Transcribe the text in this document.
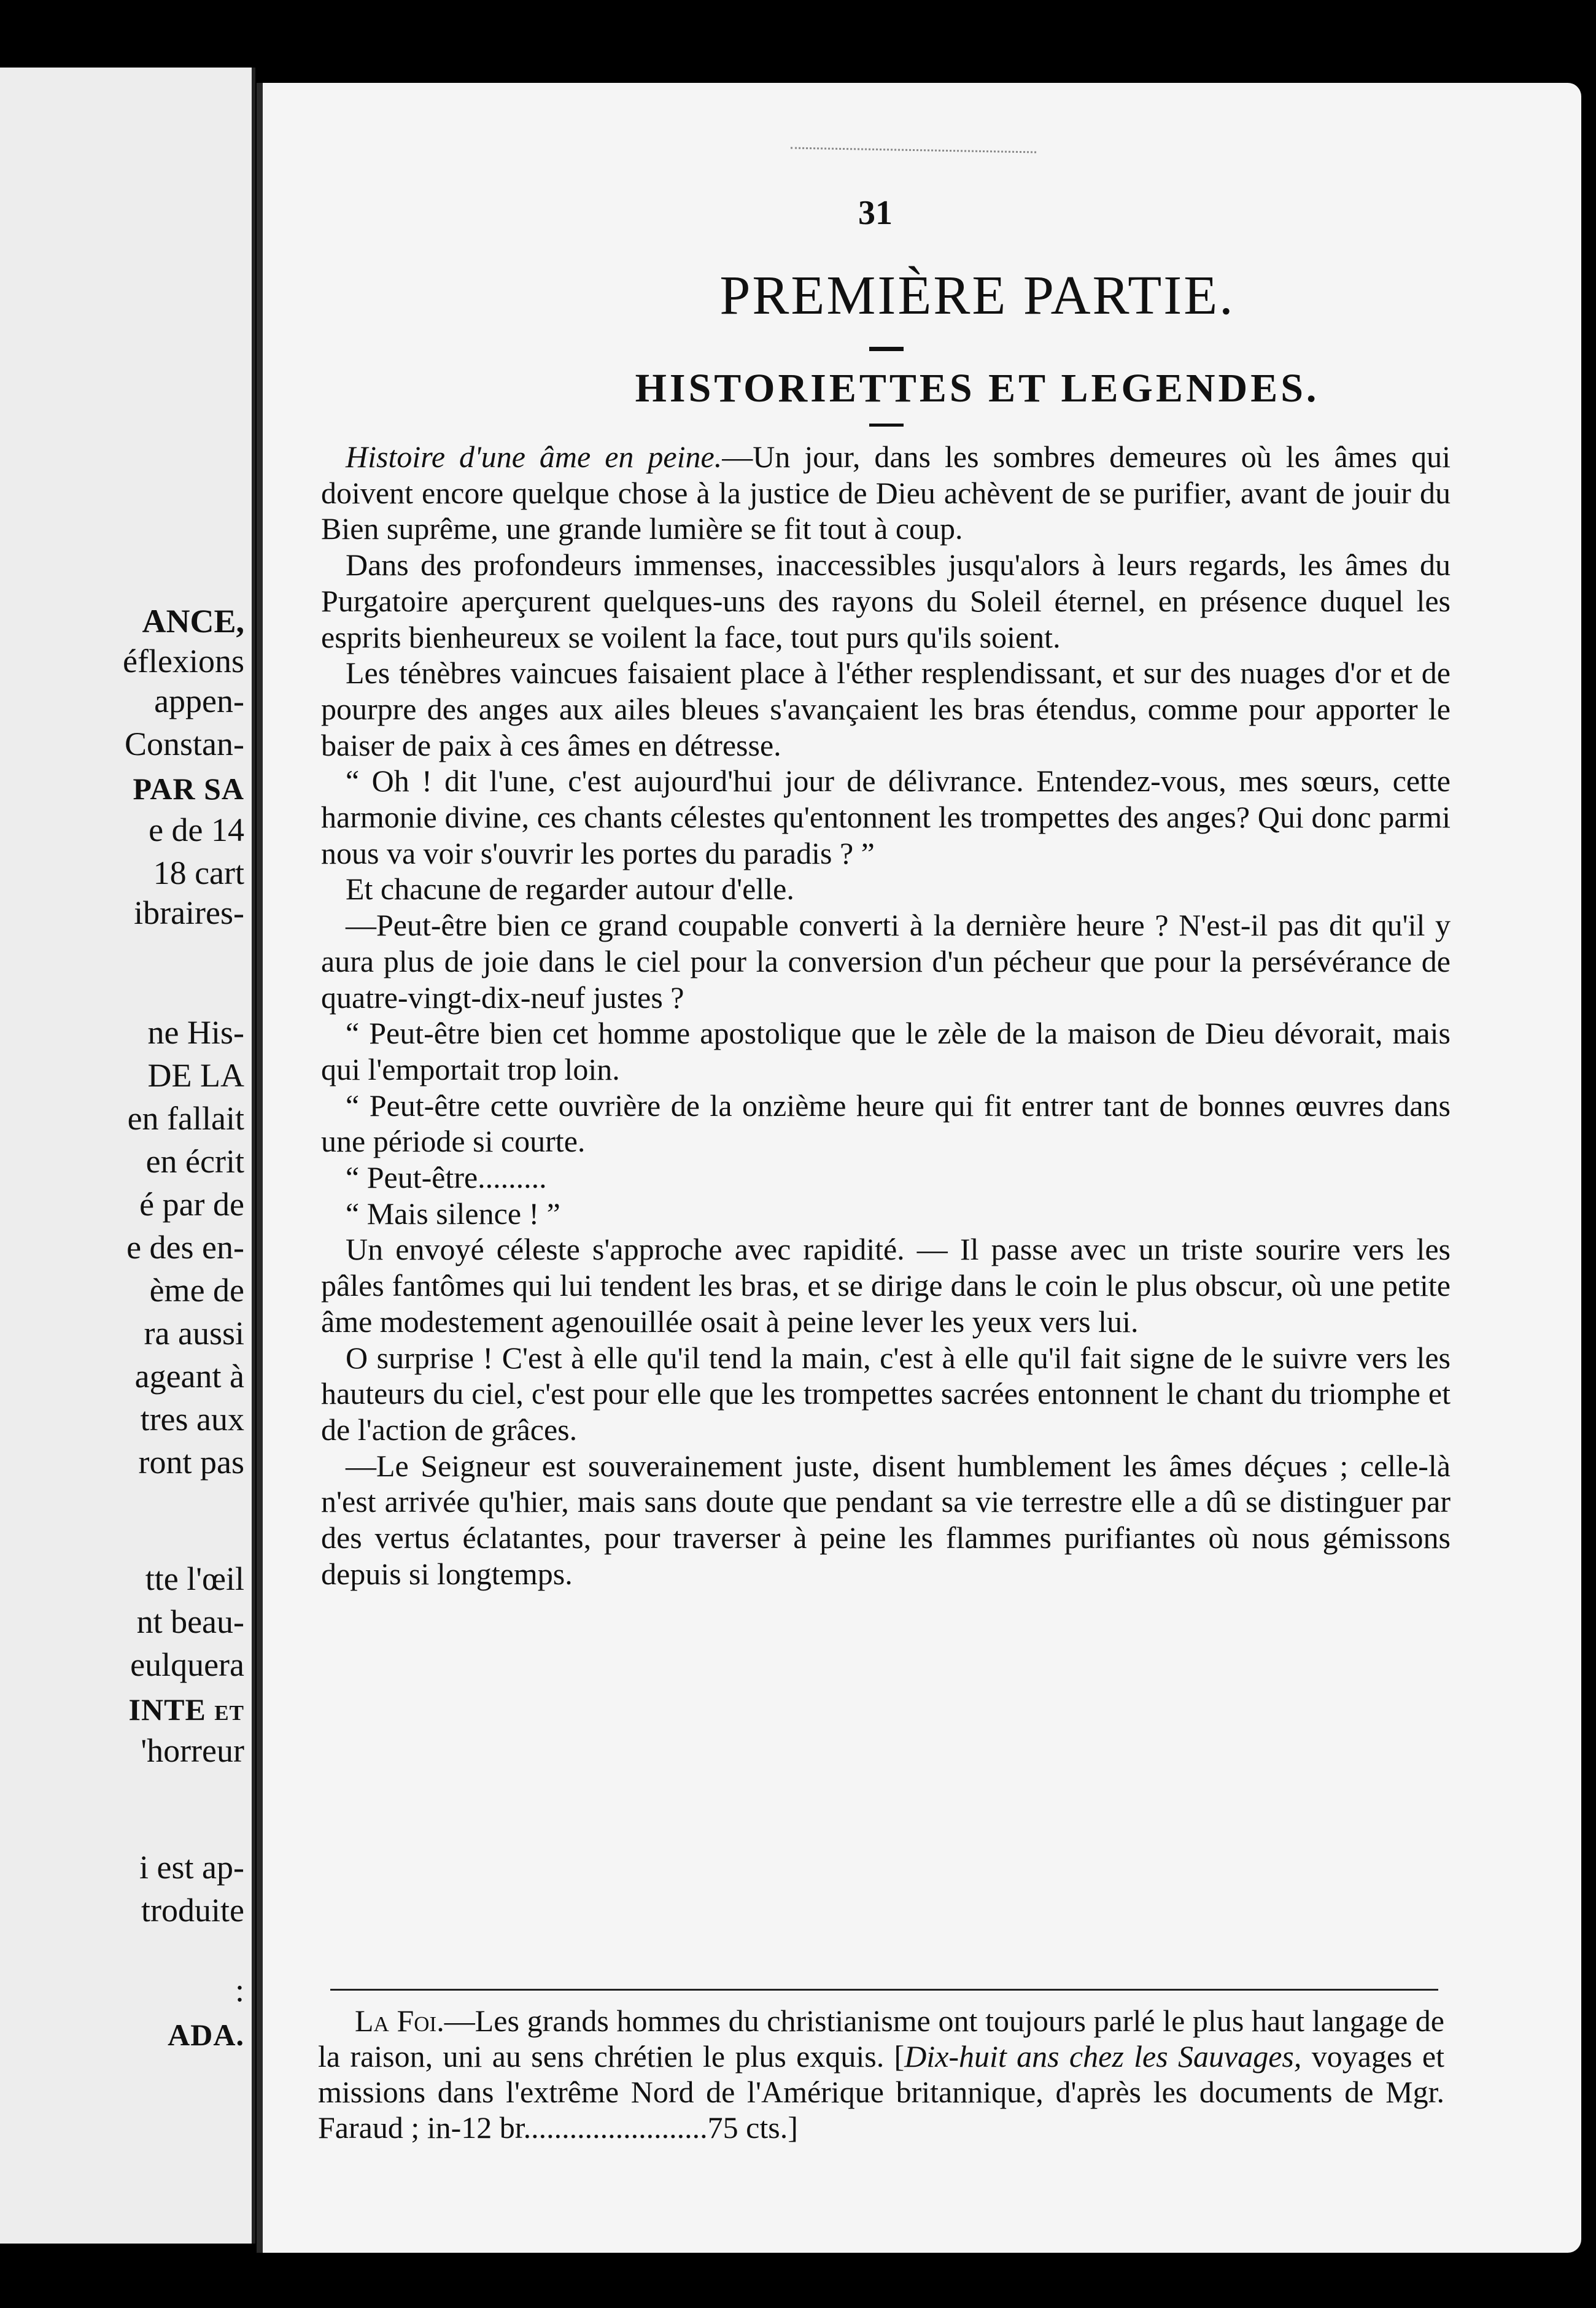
ANCE,
éflexions
appen-
Constan-
PAR SA
e de 14
18 cart
ibraires-
ne His-
DE LA
en fallait
en écrit
é par de
e des en-
ème de
ra aussi
ageant à
tres aux
ront pas
tte l'œil
nt beau-
eulquera
INTE et
'horreur
i est ap-
troduite
:
ADA.
31
PREMIÈRE PARTIE.
HISTORIETTES ET LEGENDES.

Histoire d'une âme en peine.—Un jour, dans les sombres demeures où les âmes qui doivent encore quelque chose à la justice de Dieu achèvent de se purifier, avant de jouir du Bien suprême, une grande lumière se fit tout à coup.

Dans des profondeurs immenses, inaccessibles jusqu'alors à leurs regards, les âmes du Purgatoire aperçurent quelques-uns des rayons du Soleil éternel, en présence duquel les esprits bienheureux se voilent la face, tout purs qu'ils soient.

Les ténèbres vaincues faisaient place à l'éther resplendissant, et sur des nuages d'or et de pourpre des anges aux ailes bleues s'avançaient les bras étendus, comme pour apporter le baiser de paix à ces âmes en détresse.

“ Oh ! dit l'une, c'est aujourd'hui jour de délivrance. Entendez-vous, mes sœurs, cette harmonie divine, ces chants célestes qu'entonnent les trompettes des anges? Qui donc parmi nous va voir s'ouvrir les portes du paradis ? ”

Et chacune de regarder autour d'elle.

—Peut-être bien ce grand coupable converti à la dernière heure ? N'est-il pas dit qu'il y aura plus de joie dans le ciel pour la conversion d'un pécheur que pour la persévérance de quatre-vingt-dix-neuf justes ?

“ Peut-être bien cet homme apostolique que le zèle de la maison de Dieu dévorait, mais qui l'emportait trop loin.

“ Peut-être cette ouvrière de la onzième heure qui fit entrer tant de bonnes œuvres dans une période si courte.

“ Peut-être.........

“ Mais silence ! ”

Un envoyé céleste s'approche avec rapidité. — Il passe avec un triste sourire vers les pâles fantômes qui lui tendent les bras, et se dirige dans le coin le plus obscur, où une petite âme modestement agenouillée osait à peine lever les yeux vers lui.

O surprise ! C'est à elle qu'il tend la main, c'est à elle qu'il fait signe de le suivre vers les hauteurs du ciel, c'est pour elle que les trompettes sacrées entonnent le chant du triomphe et de l'action de grâces.

—Le Seigneur est souverainement juste, disent humblement les âmes déçues ; celle-là n'est arrivée qu'hier, mais sans doute que pendant sa vie terrestre elle a dû se distinguer par des vertus éclatantes, pour traverser à peine les flammes purifiantes où nous gémissons depuis si longtemps.

La Foi.—Les grands hommes du christianisme ont toujours parlé le plus haut langage de la raison, uni au sens chrétien le plus exquis. [Dix-huit ans chez les Sauvages, voyages et missions dans l'extrême Nord de l'Amérique britannique, d'après les documents de Mgr. Faraud ; in-12 br........................75 cts.]
